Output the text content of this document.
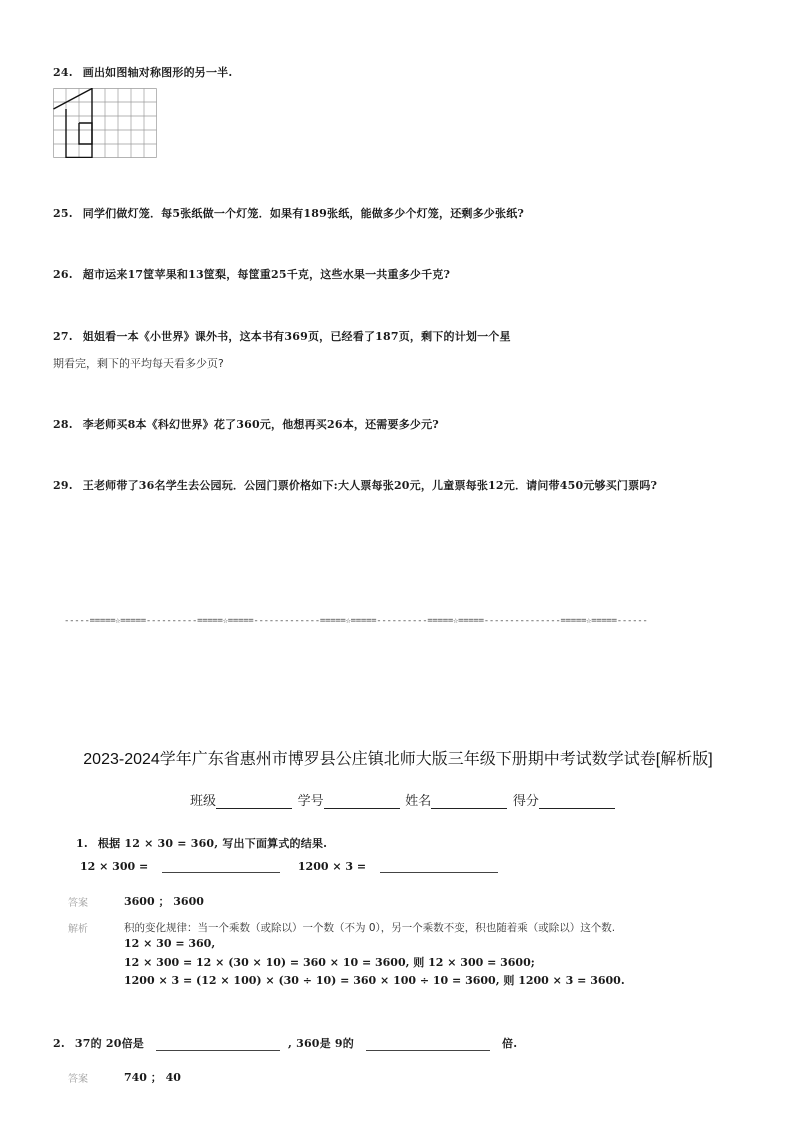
24. 画出如图轴对称图形的另一半.
25. 同学们做灯笼．每5张纸做一个灯笼．如果有189张纸，能做多少个灯笼，还剩多少张纸?
26. 超市运来17筐苹果和13筐梨，每筐重25千克，这些水果一共重多少千克?
27. 姐姐看一本《小世界》课外书，这本书有369页，已经看了187页，剩下的计划一个星
期看完，剩下的平均每天看多少页?
28. 李老师买8本《科幻世界》花了360元，他想再买26本，还需要多少元?
29. 王老师带了36名学生去公园玩．公园门票价格如下:大人票每张20元，儿童票每张12元．请问带450元够买门票吗?
-----=====☆=====----------=====☆=====-------------=====☆=====----------=====☆=====---------------=====☆=====------
2023-2024学年广东省惠州市博罗县公庄镇北师大版三年级下册期中考试数学试卷[解析版]
班级	学号	姓名	得分
1. 根据 12 × 30 = 360, 写出下面算式的结果.
12 × 300 =	1200 × 3 =
答案	3600 ； 3600
解析	积的变化规律：当一个乘数（或除以）一个数（不为 0），另一个乘数不变，积也随着乘（或除以）这个数.
12 × 30 = 360,
12 × 300 = 12 × (30 × 10) = 360 × 10 = 3600, 则 12 × 300 = 3600;
1200 × 3 = (12 × 100) × (30 ÷ 10) = 360 × 100 ÷ 10 = 3600, 则 1200 × 3 = 3600.
2. 37的 20倍是	, 360是 9的	倍.
答案	740 ； 40
